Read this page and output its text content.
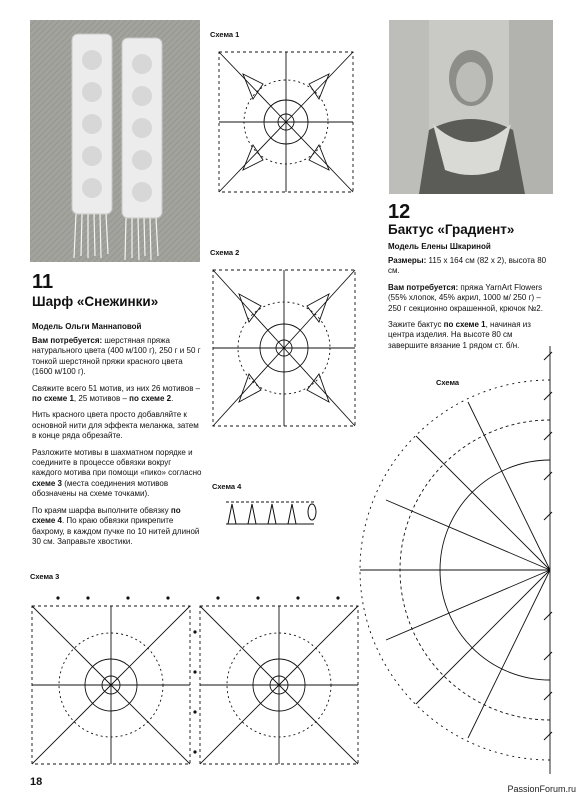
Схема 1
Схема 2
Схема 4
Схема 3
Схема
11
Шарф «Снежинки»
Модель Ольги Маннаповой

Вам потребуется: шерстяная пряжа натурального цвета (400 м/100 г), 250 г и 50 г тонкой шерстяной пряжи красного цвета (1600 м/100 г).

Свяжите всего 51 мотив, из них 26 мотивов – по схеме 1, 25 мотивов – по схеме 2.

Нить красного цвета просто добавляйте к основной нити для эффекта меланжа, затем в конце ряда обрезайте.

Разложите мотивы в шахматном порядке и соедините в процессе обвязки вокруг каждого мотива при помощи «пико» согласно схеме 3 (места соединения мотивов обозначены на схеме точками).

По краям шарфа выполните обвязку по схеме 4. По краю обвязки прикрепите бахрому, в каждом пучке по 10 нитей длиной 30 см. Заправьте хвостики.

12
Бактус «Градиент»
Модель Елены Шкариной

Размеры: 115 х 164 см (82 х 2), высота 80 см.

Вам потребуется: пряжа YarnArt Flowers (55% хлопок, 45% акрил, 1000 м/ 250 г) – 250 г секционно окрашенной, крючок №2.

Зажите бактус по схеме 1, начиная из центра изделия. На высоте 80 см завершите вязание 1 рядом ст. б/н.

18
PassionForum.ru
